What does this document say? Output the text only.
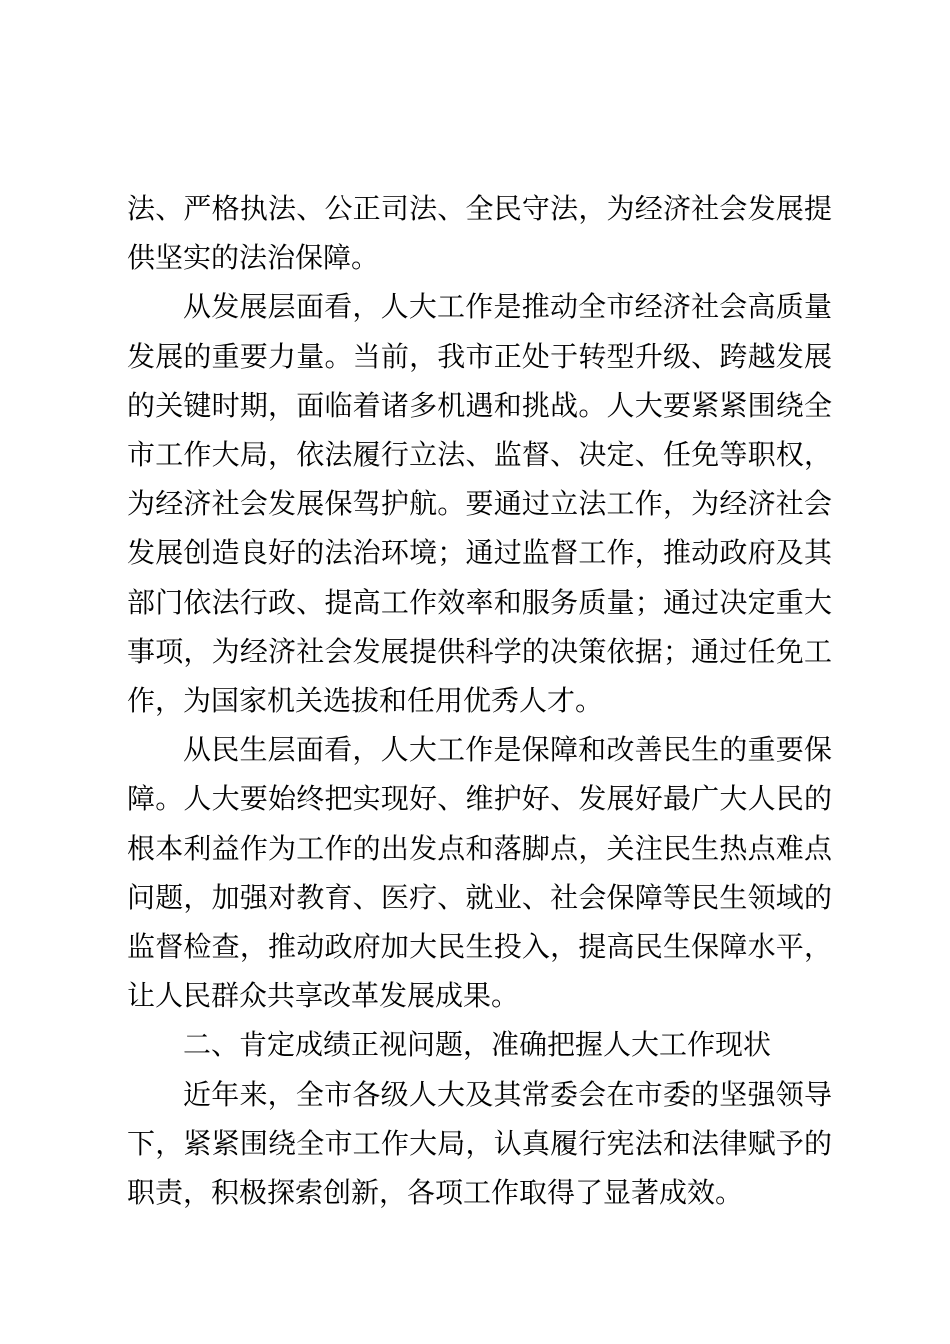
法、严格执法、公正司法、全民守法，为经济社会发展提供坚实的法治保障。

从发展层面看，人大工作是推动全市经济社会高质量发展的重要力量。当前，我市正处于转型升级、跨越发展的关键时期，面临着诸多机遇和挑战。人大要紧紧围绕全市工作大局，依法履行立法、监督、决定、任免等职权，为经济社会发展保驾护航。要通过立法工作，为经济社会发展创造良好的法治环境；通过监督工作，推动政府及其部门依法行政、提高工作效率和服务质量；通过决定重大事项，为经济社会发展提供科学的决策依据；通过任免工作，为国家机关选拔和任用优秀人才。

从民生层面看，人大工作是保障和改善民生的重要保障。人大要始终把实现好、维护好、发展好最广大人民的根本利益作为工作的出发点和落脚点，关注民生热点难点问题，加强对教育、医疗、就业、社会保障等民生领域的监督检查，推动政府加大民生投入，提高民生保障水平，让人民群众共享改革发展成果。

二、肯定成绩正视问题，准确把握人大工作现状

近年来，全市各级人大及其常委会在市委的坚强领导下，紧紧围绕全市工作大局，认真履行宪法和法律赋予的职责，积极探索创新，各项工作取得了显著成效。
